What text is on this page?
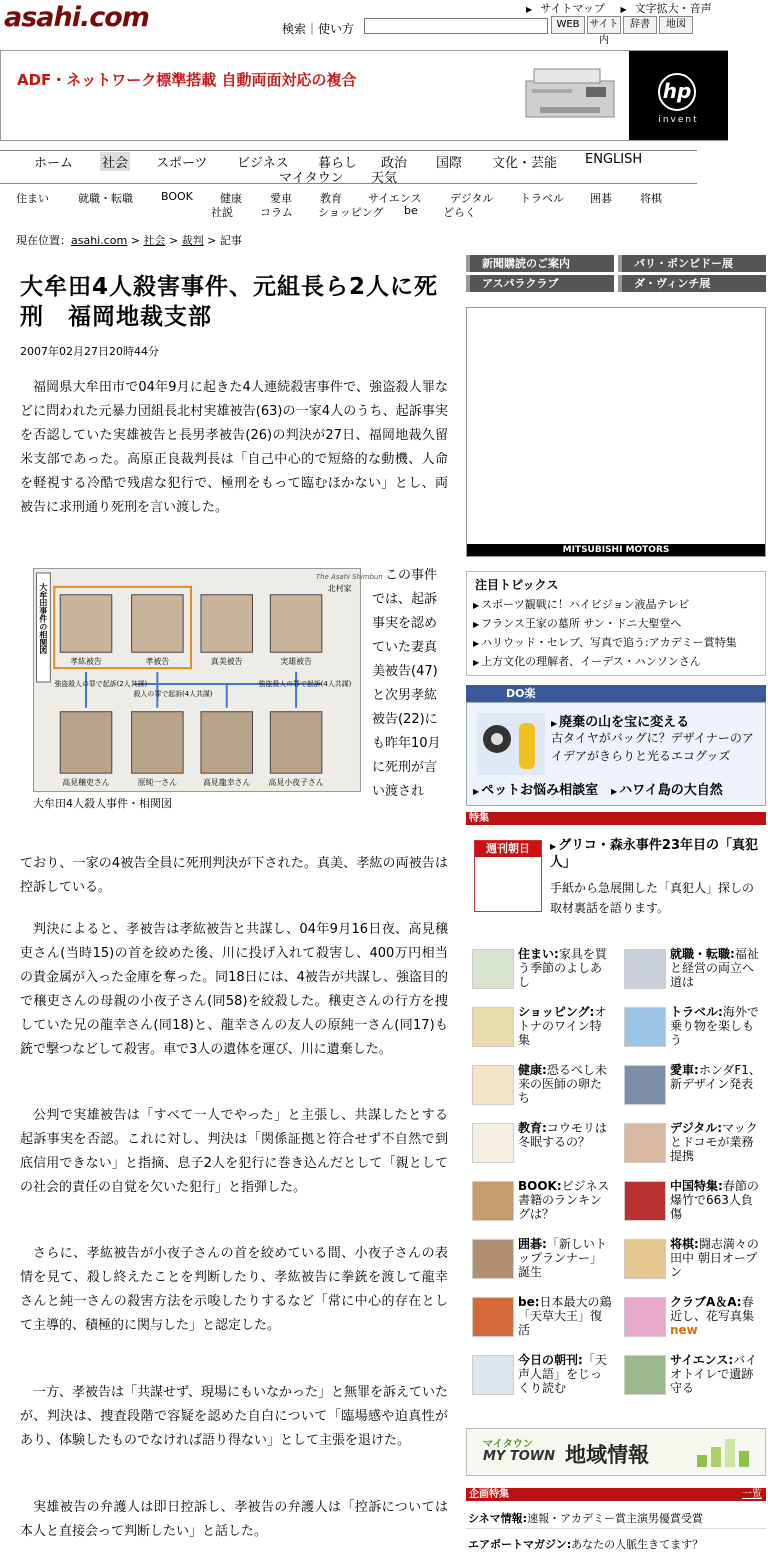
asahi.com	▶ サイトマップ ▶ 文字拡大・音声
検索｜使い方	WEB サイト内
辞書	地図
ADF・ネットワーク標準搭載 自動両面対応の複合	hp
invent
ホーム 社会 スポーツ ビジネス 暮らし 政治 国際 文化・芸能 ENGLISH
マイタウン 天気
住まい	就職・転職	BOOK 健康	愛車	教育 サイエンス	デジタル トラベル 囲碁	将棋
社説 コラム ショッピング be どらく
現在位置：asahi.com > 社会 > 裁判 > 記事
大牟田4人殺害事件、元組長ら2人に死刑　福岡地裁支部
2007年02月27日20時44分
福岡県大牟田市で04年9月に起きた4人連続殺害事件で、強盗殺人罪などに問われた元暴力団組長北村実雄被告(63)の一家4人のうち、起訴事実を否認していた実雄被告と長男孝被告(26)の判決が27日、福岡地裁久留米支部であった。高原正良裁判長は「自己中心的で短絡的な動機、人命を軽視する冷酷で残虐な犯行で、極刑をもって臨むほかない」とし、両被告に求刑通り死刑を言い渡した。
大牟田事件の相関図
The Asahi Shimbun
北村家
孝紘被告	孝被告	真美被告	実雄被告
強盗殺人の罪で起訴(2人共謀)
殺人の罪で起訴(4人共謀)
強盗殺人の罪で起訴(4人共謀)
高見穣吏さん	原純一さん	高見龍幸さん 高見小夜子さん
大牟田4人殺人事件・相関図
この事件では、起訴事実を認めていた妻真美被告(47)と次男孝紘被告(22)にも昨年10月に死刑が言い渡され
ており、一家の4被告全員に死刑判決が下された。真美、孝紘の両被告は控訴している。
判決によると、孝被告は孝紘被告と共謀し、04年9月16日夜、高見穣吏さん(当時15)の首を絞めた後、川に投げ入れて殺害し、400万円相当の貴金属が入った金庫を奪った。同18日には、4被告が共謀し、強盗目的で穣吏さんの母親の小夜子さん(同58)を絞殺した。穣吏さんの行方を捜していた兄の龍幸さん(同18)と、龍幸さんの友人の原純一さん(同17)も銃で撃つなどして殺害。車で3人の遺体を運び、川に遺棄した。
公判で実雄被告は「すべて一人でやった」と主張し、共謀したとする起訴事実を否認。これに対し、判決は「関係証拠と符合せず不自然で到底信用できない」と指摘、息子2人を犯行に巻き込んだとして「親としての社会的責任の自覚を欠いた犯行」と指弾した。
さらに、孝紘被告が小夜子さんの首を絞めている間、小夜子さんの表情を見て、殺し終えたことを判断したり、孝紘被告に拳銃を渡して龍幸さんと純一さんの殺害方法を示唆したりするなど「常に中心的存在として主導的、積極的に関与した」と認定した。
一方、孝被告は「共謀せず、現場にもいなかった」と無罪を訴えていたが、判決は、捜査段階で容疑を認めた自白について「臨場感や迫真性があり、体験したものでなければ語り得ない」として主張を退けた。
実雄被告の弁護人は即日控訴し、孝被告の弁護人は「控訴については本人と直接会って判断したい」と話した。
新聞購読のご案内	パリ・ポンピドー展
アスパラクラブ	ダ・ヴィンチ展
MITSUBISHI MOTORS
注目トピックス
▶ スポーツ観戦に！ハイビジョン液晶テレビ
▶ フランス王家の墓所 サン・ドニ大聖堂へ
▶ ハリウッド・セレブ、写真で追う:アカデミー賞特集
▶ 上方文化の理解者、イーデス・ハンソンさん
DO楽
▶ 廃棄の山を宝に変える
古タイヤがバッグに？デザイナーのアイデアがきらりと光るエコグッズ
▶ ペットお悩み相談室 ▶ ハワイ島の大自然
特集
週刊朝日	▶ グリコ・森永事件23年目の「真犯人」
手紙から急展開した「真犯人」探しの取材裏話を語ります。
住まい:家具を買う季節のよしあし
就職・転職:福祉と経営の両立へ道は
ショッピング:オトナのワイン特集
トラベル:海外で乗り物を楽しもう
健康:恐るべし未来の医師の卵たち
愛車:ホンダF1、新デザイン発表
教育:コウモリは冬眠するの？
デジタル:マックとドコモが業務提携
BOOK:ビジネス書籍のランキングは？
中国特集:春節の爆竹で663人負傷
囲碁:「新しいトップランナー」誕生
将棋:闘志満々の田中 朝日オープン
be:日本最大の鶏「天草大王」復活
クラブA＆A:春近し、花写真集 new
今日の朝刊:「天声人語」をじっくり読む
サイエンス:バイオトイレで遺跡守る
マイタウン
MY TOWN 地域情報
企画特集	一覧
シネマ情報:速報・アカデミー賞主演男優賞受賞
エアポートマガジン:あなたの人脈生きてます？
